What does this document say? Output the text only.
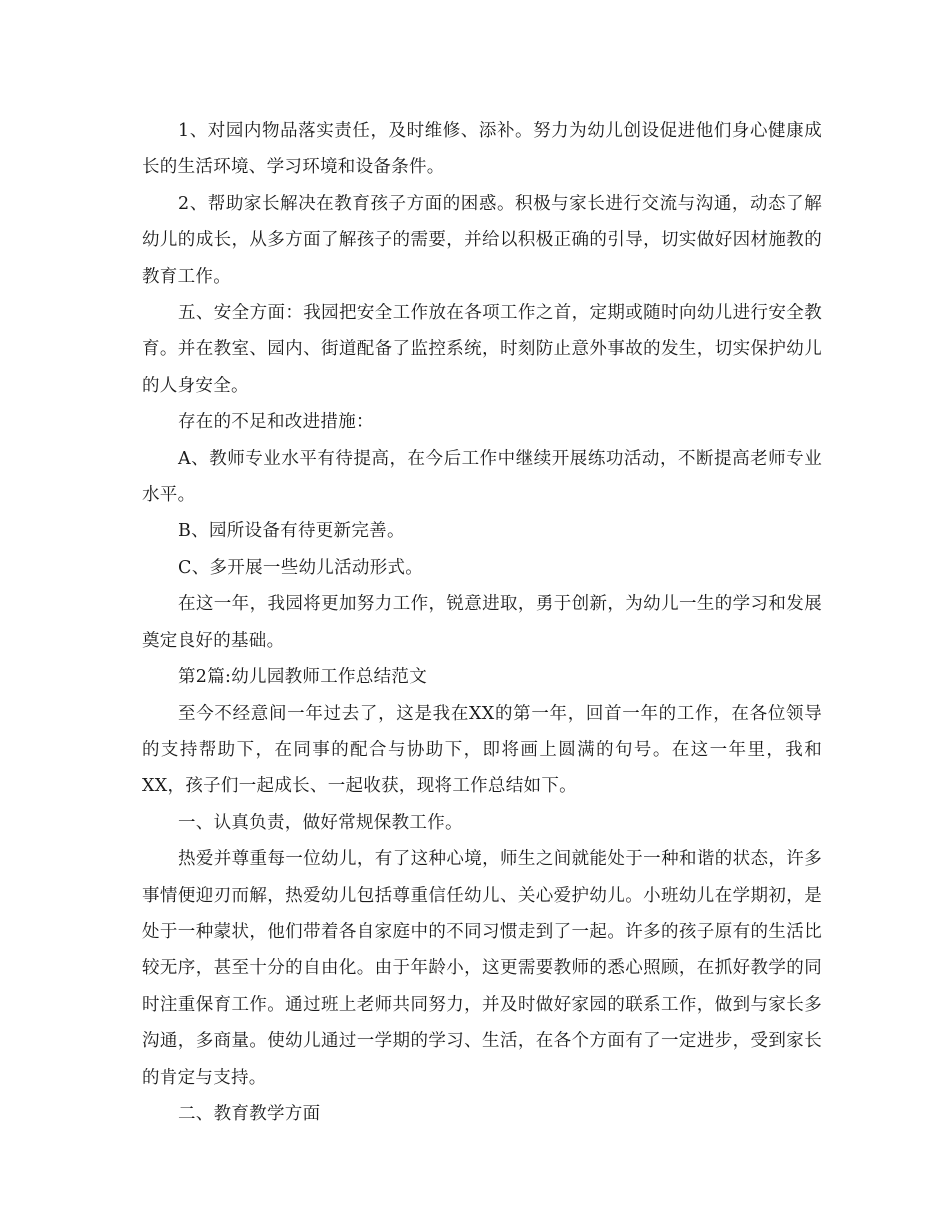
1、对园内物品落实责任，及时维修、添补。努力为幼儿创设促进他们身心健康成长的生活环境、学习环境和设备条件。

2、帮助家长解决在教育孩子方面的困惑。积极与家长进行交流与沟通，动态了解幼儿的成长，从多方面了解孩子的需要，并给以积极正确的引导，切实做好因材施教的教育工作。

五、安全方面：我园把安全工作放在各项工作之首，定期或随时向幼儿进行安全教育。并在教室、园内、街道配备了监控系统，时刻防止意外事故的发生，切实保护幼儿的人身安全。

存在的不足和改进措施：

A、教师专业水平有待提高，在今后工作中继续开展练功活动，不断提高老师专业水平。

B、园所设备有待更新完善。

C、多开展一些幼儿活动形式。

在这一年，我园将更加努力工作，锐意进取，勇于创新，为幼儿一生的学习和发展奠定良好的基础。

第2篇:幼儿园教师工作总结范文

至今不经意间一年过去了，这是我在XX的第一年，回首一年的工作，在各位领导的支持帮助下，在同事的配合与协助下，即将画上圆满的句号。在这一年里，我和XX，孩子们一起成长、一起收获，现将工作总结如下。

一、认真负责，做好常规保教工作。

热爱并尊重每一位幼儿，有了这种心境，师生之间就能处于一种和谐的状态，许多事情便迎刃而解，热爱幼儿包括尊重信任幼儿、关心爱护幼儿。小班幼儿在学期初，是处于一种蒙状，他们带着各自家庭中的不同习惯走到了一起。许多的孩子原有的生活比较无序，甚至十分的自由化。由于年龄小，这更需要教师的悉心照顾，在抓好教学的同时注重保育工作。通过班上老师共同努力，并及时做好家园的联系工作，做到与家长多沟通，多商量。使幼儿通过一学期的学习、生活，在各个方面有了一定进步，受到家长的肯定与支持。

二、教育教学方面
